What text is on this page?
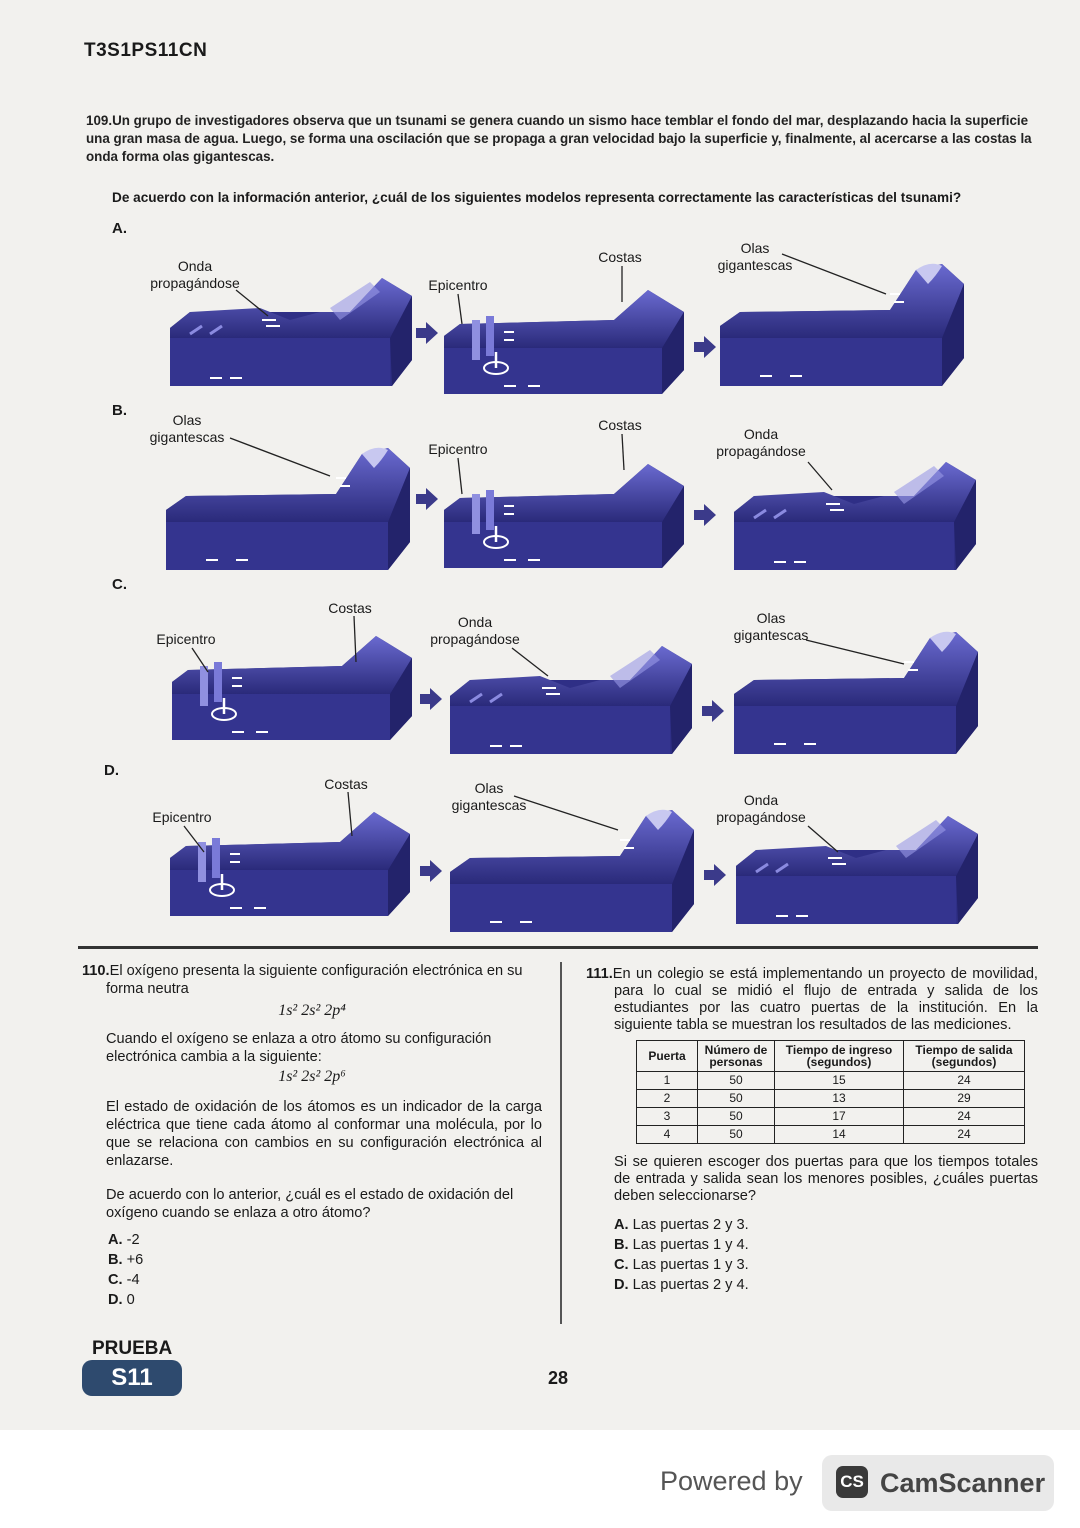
T3S1PS11CN
109.Un grupo de investigadores observa que un tsunami se genera cuando un sismo hace temblar el fondo del mar, desplazando hacia la superficie una gran masa de agua. Luego, se forma una oscilación que se propaga a gran velocidad bajo la superficie y, finalmente, al acercarse a las costas la onda forma olas gigantescas.
De acuerdo con la información anterior, ¿cuál de los siguientes modelos representa correctamente las características del tsunami?
A.
B.
C.
D.
Onda propagándose	Epicentro
Costas
Olas gigantescas
Olas gigantescas
Epicentro
Costas
Onda propagándose
Epicentro
Costas
Onda propagándose
Olas gigantescas
Epicentro
Costas	Olas gigantescas	Onda propagándose

110.El oxígeno presenta la siguiente configuración electrónica en su forma neutra

1s² 2s² 2p⁴

Cuando el oxígeno se enlaza a otro átomo su configuración electrónica cambia a la siguiente:

1s² 2s² 2p⁶

El estado de oxidación de los átomos es un indicador de la carga eléctrica que tiene cada átomo al conformar una molécula, por lo que se relaciona con cambios en su configuración electrónica al enlazarse.

De acuerdo con lo anterior, ¿cuál es el estado de oxidación del oxígeno cuando se enlaza a otro átomo?

A. -2
B. +6
C. -4
D. 0
111.En un colegio se está implementando un proyecto de movilidad, para lo cual se midió el flujo de entrada y salida de los estudiantes por las cuatro puertas de la institución. En la siguiente tabla se muestran los resultados de las mediciones.
Puerta	Número de personas	Tiempo de ingreso (segundos)	Tiempo de salida (segundos)
1	50	15	24
2	50	13	29
3	50	17	24
4	50	14	24
Si se quieren escoger dos puertas para que los tiempos totales de entrada y salida sean los menores posibles, ¿cuáles puertas deben seleccionarse?
A. Las puertas 2 y 3.
B. Las puertas 1 y 4.
C. Las puertas 1 y 3.
D. Las puertas 2 y 4.
PRUEBA
S11	28
Powered by CS CamScanner
